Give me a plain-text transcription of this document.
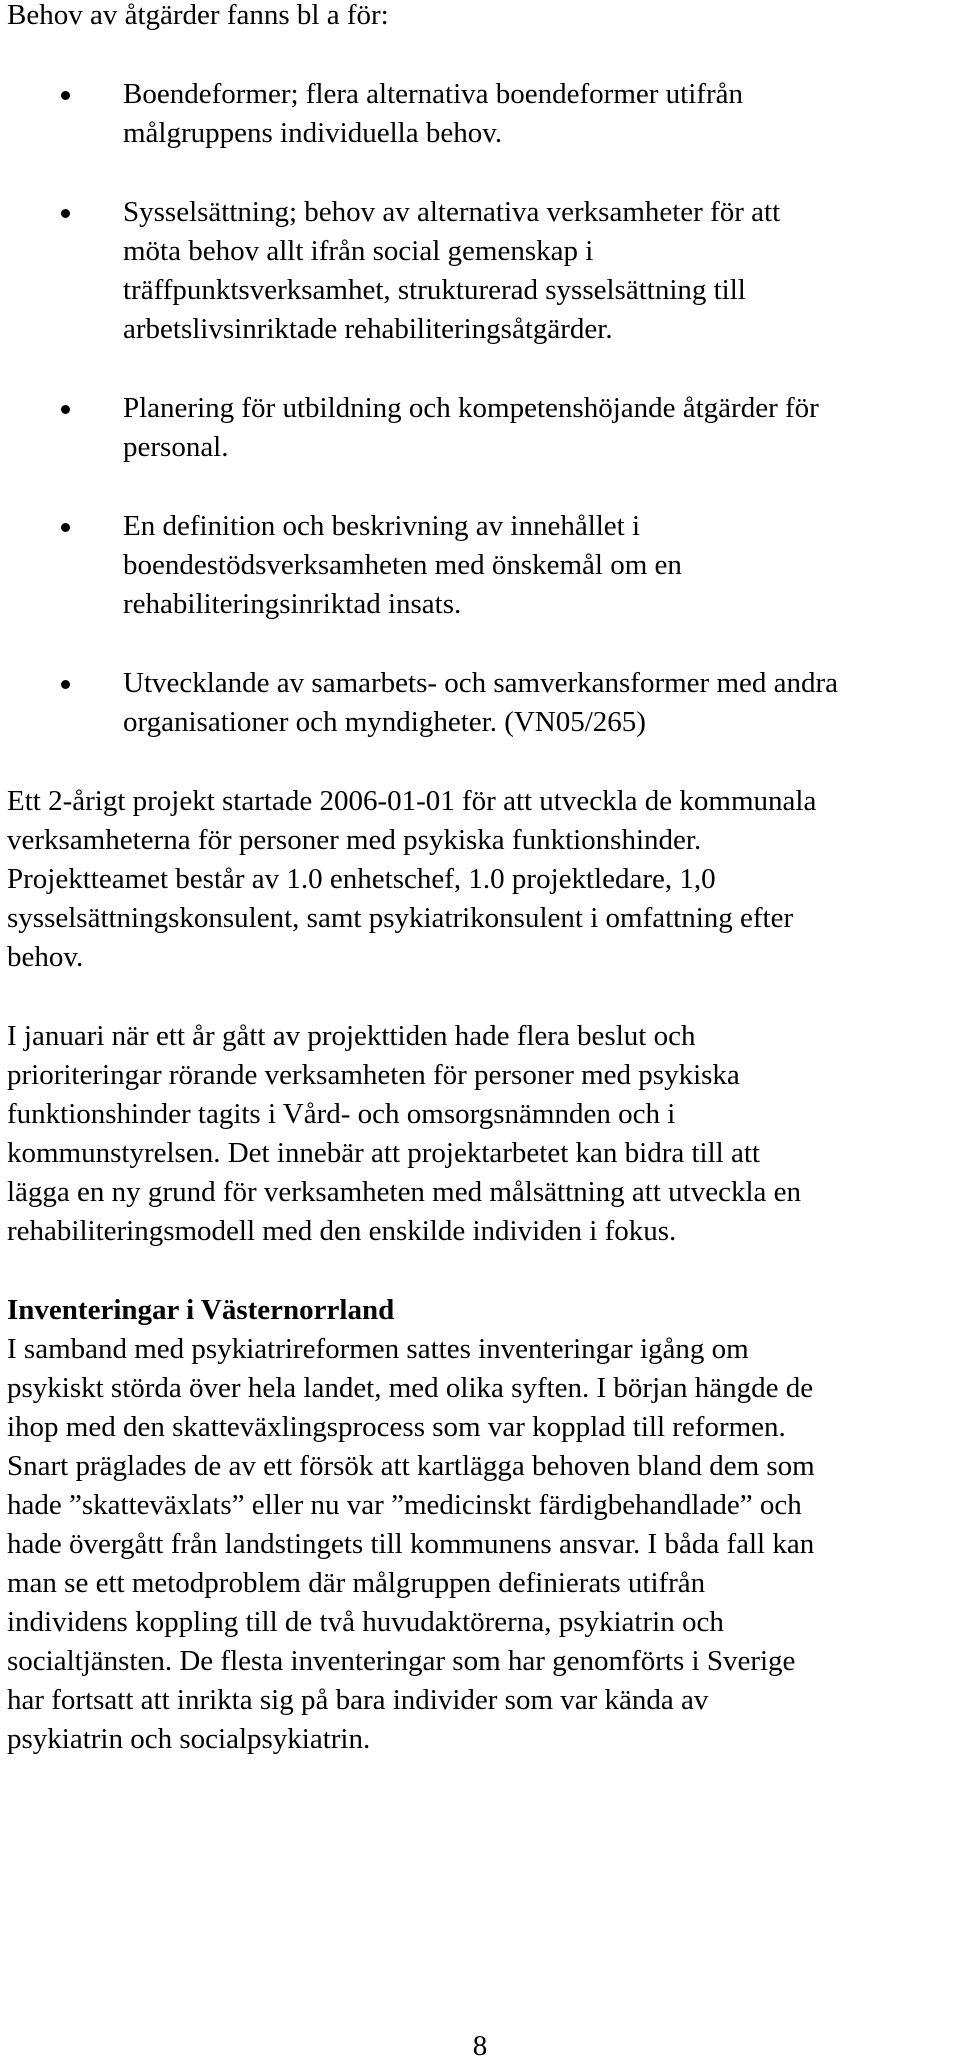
Behov av åtgärder fanns bl a för:

Boendeformer; flera alternativa boendeformer utifrån
målgruppens individuella behov.
Sysselsättning; behov av alternativa verksamheter för att
möta behov allt ifrån social gemenskap i
träffpunktsverksamhet, strukturerad sysselsättning till
arbetslivsinriktade rehabiliteringsåtgärder.
Planering för utbildning och kompetenshöjande åtgärder för
personal.
En definition och beskrivning av innehållet i
boendestödsverksamheten med önskemål om en
rehabiliteringsinriktad insats.
Utvecklande av samarbets- och samverkansformer med andra
organisationer och myndigheter. (VN05/265)

Ett 2-årigt projekt startade 2006-01-01 för att utveckla de kommunala
verksamheterna för personer med psykiska funktionshinder.
Projektteamet består av 1.0 enhetschef, 1.0 projektledare, 1,0
sysselsättningskonsulent, samt psykiatrikonsulent i omfattning efter
behov.

I januari när ett år gått av projekttiden hade flera beslut och
prioriteringar rörande verksamheten för personer med psykiska
funktionshinder tagits i Vård- och omsorgsnämnden och i
kommunstyrelsen. Det innebär att projektarbetet kan bidra till att
lägga en ny grund för verksamheten med målsättning att utveckla en
rehabiliteringsmodell med den enskilde individen i fokus.

Inventeringar i Västernorrland

I samband med psykiatrireformen sattes inventeringar igång om
psykiskt störda över hela landet, med olika syften. I början hängde de
ihop med den skatteväxlingsprocess som var kopplad till reformen.
Snart präglades de av ett försök att kartlägga behoven bland dem som
hade ”skatteväxlats” eller nu var ”medicinskt färdigbehandlade” och
hade övergått från landstingets till kommunens ansvar. I båda fall kan
man se ett metodproblem där målgruppen definierats utifrån
individens koppling till de två huvudaktörerna, psykiatrin och
socialtjänsten. De flesta inventeringar som har genomförts i Sverige
har fortsatt att inrikta sig på bara individer som var kända av
psykiatrin och socialpsykiatrin.

8
